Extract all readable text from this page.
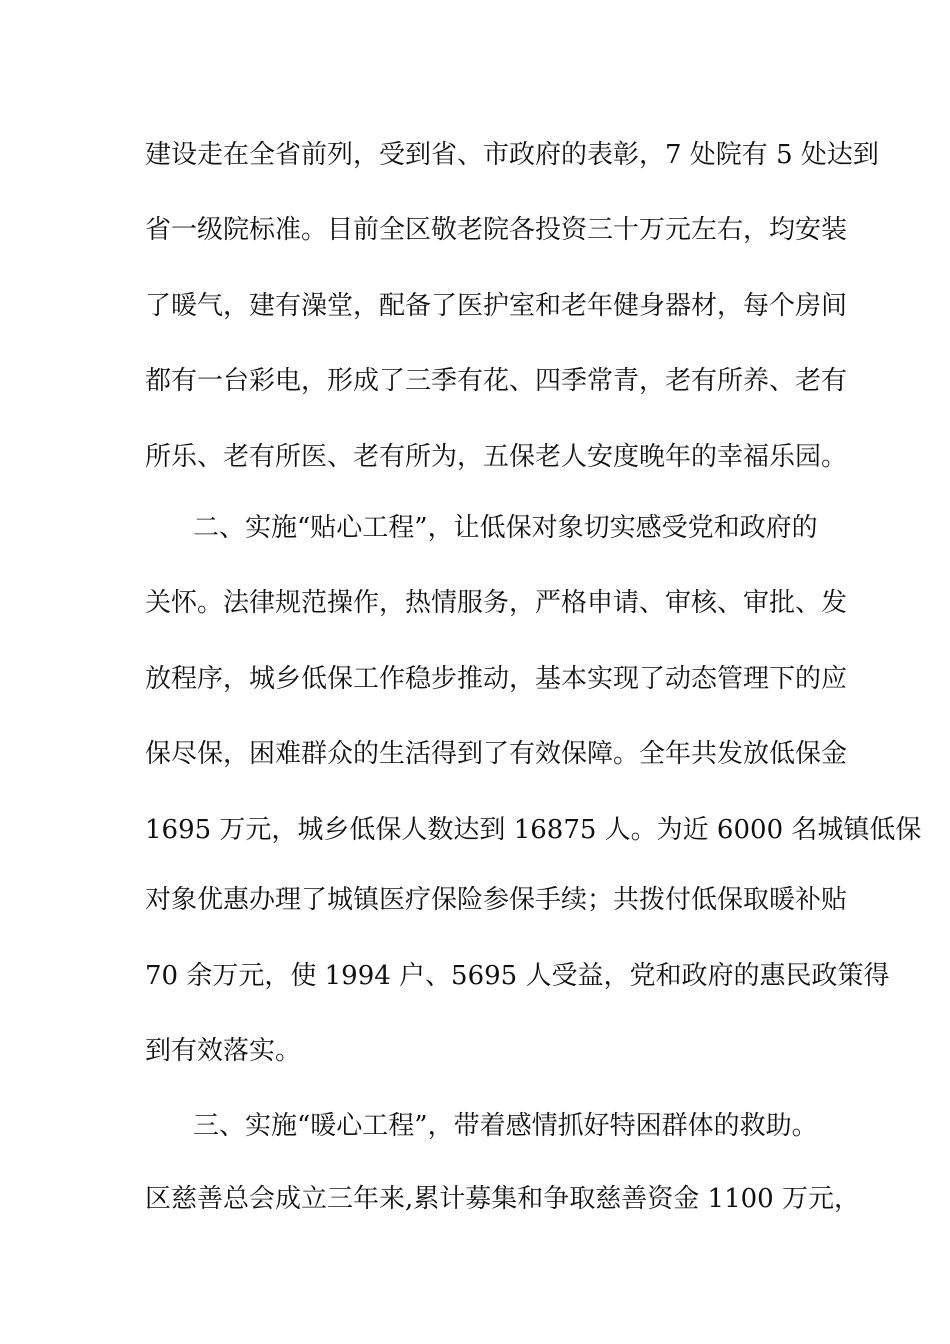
建设走在全省前列，受到省、市政府的表彰，7 处院有 5 处达到
省一级院标准。目前全区敬老院各投资三十万元左右，均安装
了暖气，建有澡堂，配备了医护室和老年健身器材，每个房间
都有一台彩电，形成了三季有花、四季常青，老有所养、老有
所乐、老有所医、老有所为，五保老人安度晚年的幸福乐园。
二、实施“贴心工程”，让低保对象切实感受党和政府的
关怀。法律规范操作，热情服务，严格申请、审核、审批、发
放程序，城乡低保工作稳步推动，基本实现了动态管理下的应
保尽保，困难群众的生活得到了有效保障。全年共发放低保金
1695 万元，城乡低保人数达到 16875 人。为近 6000 名城镇低保
对象优惠办理了城镇医疗保险参保手续；共拨付低保取暖补贴
70 余万元，使 1994 户、5695 人受益，党和政府的惠民政策得
到有效落实。
三、实施“暖心工程”，带着感情抓好特困群体的救助。
区慈善总会成立三年来,累计募集和争取慈善资金 1100 万元，
